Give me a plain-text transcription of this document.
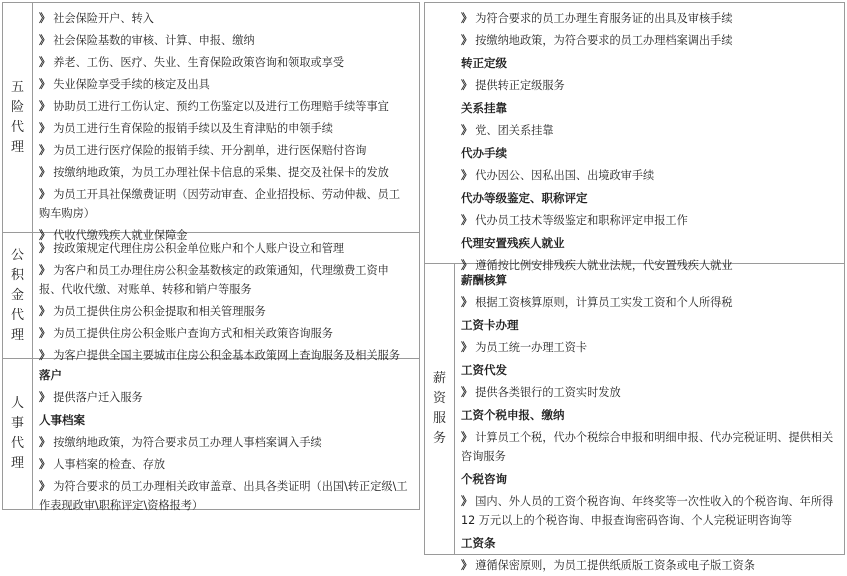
五险代理
》 社会保险开户、转入
》 社会保险基数的审核、计算、申报、缴纳
》 养老、工伤、医疗、失业、生育保险政策咨询和领取或享受
》 失业保险享受手续的核定及出具
》 协助员工进行工伤认定、预约工伤鉴定以及进行工伤理赔手续等事宜
》 为员工进行生育保险的报销手续以及生育津贴的申领手续
》 为员工进行医疗保险的报销手续、开分割单，进行医保赔付咨询
》 按缴纳地政策，为员工办理社保卡信息的采集、提交及社保卡的发放
》 为员工开具社保缴费证明（因劳动审查、企业招投标、劳动仲裁、员工购车购房）
》 代收代缴残疾人就业保障金
公积金代理
》 按政策规定代理住房公积金单位账户和个人账户设立和管理
》 为客户和员工办理住房公积金基数核定的政策通知，代理缴费工资申报、代收代缴、对账单、转移和销户等服务
》 为员工提供住房公积金提取和相关管理服务
》 为员工提供住房公积金账户查询方式和相关政策咨询服务
》 为客户提供全国主要城市住房公积金基本政策网上查询服务及相关服务
人事代理
落户
》 提供落户迁入服务
人事档案
》 按缴纳地政策，为符合要求员工办理人事档案调入手续
》 人事档案的检查、存放
》 为符合要求的员工办理相关政审盖章、出具各类证明（出国\转正定级\工作表现政审\职称评定\资格报考）
》 为符合要求的员工办理生育服务证的出具及审核手续
》 按缴纳地政策，为符合要求的员工办理档案调出手续
转正定级
》 提供转正定级服务
关系挂靠
》 党、团关系挂靠
代办手续
》 代办因公、因私出国、出境政审手续
代办等级鉴定、职称评定
》 代办员工技术等级鉴定和职称评定申报工作
代理安置残疾人就业
》 遵循按比例安排残疾人就业法规，代安置残疾人就业
薪资服务
薪酬核算
》 根据工资核算原则，计算员工实发工资和个人所得税
工资卡办理
》 为员工统一办理工资卡
工资代发
》 提供各类银行的工资实时发放
工资个税申报、缴纳
》 计算员工个税，代办个税综合申报和明细申报、代办完税证明、提供相关咨询服务
个税咨询
》 国内、外人员的工资个税咨询、年终奖等一次性收入的个税咨询、年所得 12 万元以上的个税咨询、申报查询密码咨询、个人完税证明咨询等
工资条
》 遵循保密原则，为员工提供纸质版工资条或电子版工资条
